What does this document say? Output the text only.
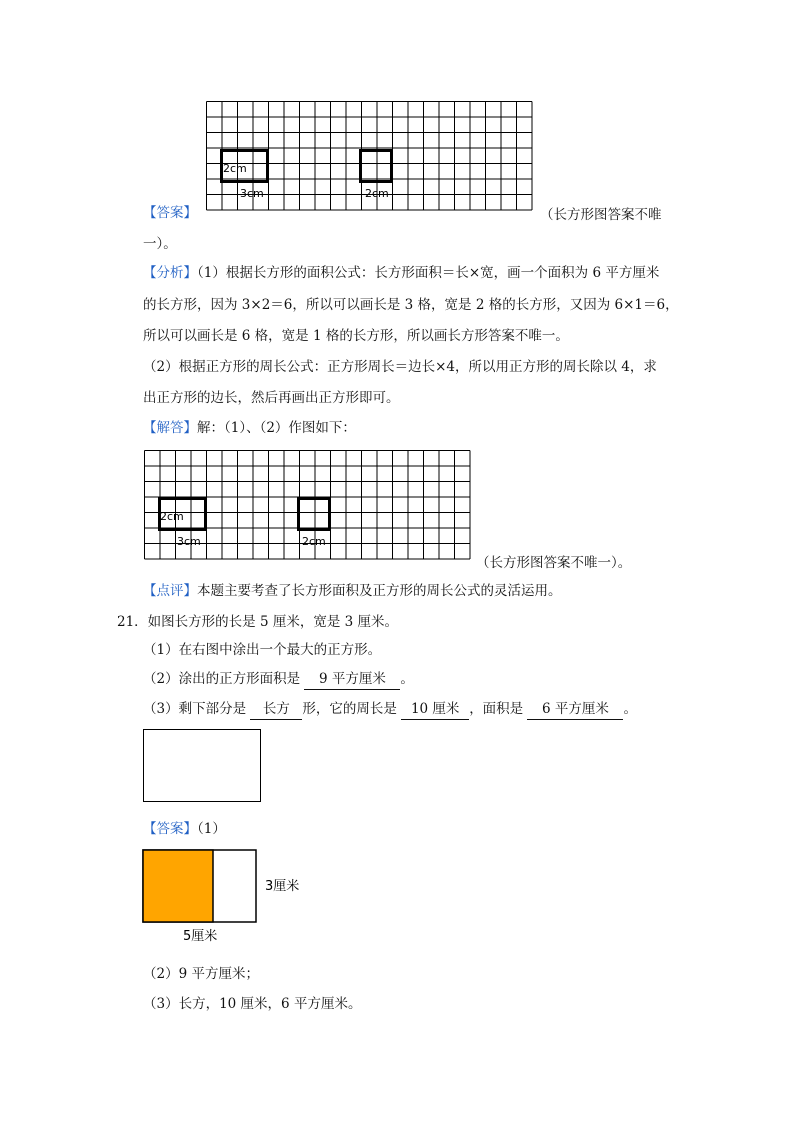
【答案】
2cm
3cm	2cm
（长方形图答案不唯
一）。
【分析】（1）根据长方形的面积公式：长方形面积＝长×宽，画一个面积为 6 平方厘米
的长方形，因为 3×2＝6，所以可以画长是 3 格，宽是 2 格的长方形，又因为 6×1＝6，
所以可以画长是 6 格，宽是 1 格的长方形，所以画长方形答案不唯一。
（2）根据正方形的周长公式：正方形周长＝边长×4，所以用正方形的周长除以 4，求
出正方形的边长，然后再画出正方形即可。
【解答】解：（1）、（2）作图如下：
2cm
3cm	2cm
（长方形图答案不唯一）。
【点评】本题主要考查了长方形面积及正方形的周长公式的灵活运用。
21．如图长方形的长是 5 厘米，宽是 3 厘米。
（1）在右图中涂出一个最大的正方形。
（2）涂出的正方形面积是 9 平方厘米 。
（3）剩下部分是 长方 形，它的周长是 10 厘米 ，面积是 6 平方厘米 。
【答案】（1）
3厘米
5厘米
（2）9 平方厘米；
（3）长方，10 厘米，6 平方厘米。
